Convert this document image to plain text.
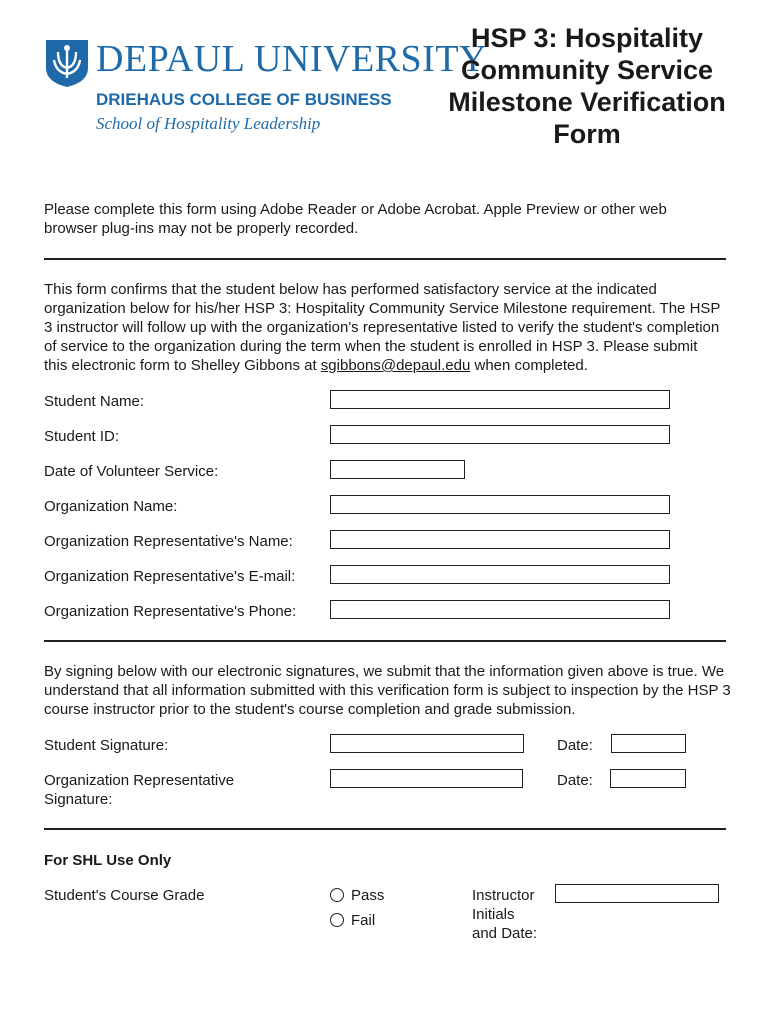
DEPAUL UNIVERSITY
DRIEHAUS COLLEGE OF BUSINESS
School of Hospitality Leadership
HSP 3: Hospitality Community Service Milestone Verification Form
Please complete this form using Adobe Reader or Adobe Acrobat. Apple Preview or other web browser plug-ins may not be properly recorded.
This form confirms that the student below has performed satisfactory service at the indicated organization below for his/her HSP 3: Hospitality Community Service Milestone requirement. The HSP 3 instructor will follow up with the organization's representative listed to verify the student's completion of service to the organization during the term when the student is enrolled in HSP 3. Please submit this electronic form to Shelley Gibbons at sgibbons@depaul.edu when completed.
Student Name:
Student ID:
Date of Volunteer Service:
Organization Name:
Organization Representative's Name:
Organization Representative's E-mail:
Organization Representative's Phone:
By signing below with our electronic signatures, we submit that the information given above is true. We understand that all information submitted with this verification form is subject to inspection by the HSP 3 course instructor prior to the student's course completion and grade submission.
Student Signature:	Date:
Organization Representative
Signature:
Date:
For SHL Use Only
Student's Course Grade	Pass
Fail
Instructor
Initials
and Date:
